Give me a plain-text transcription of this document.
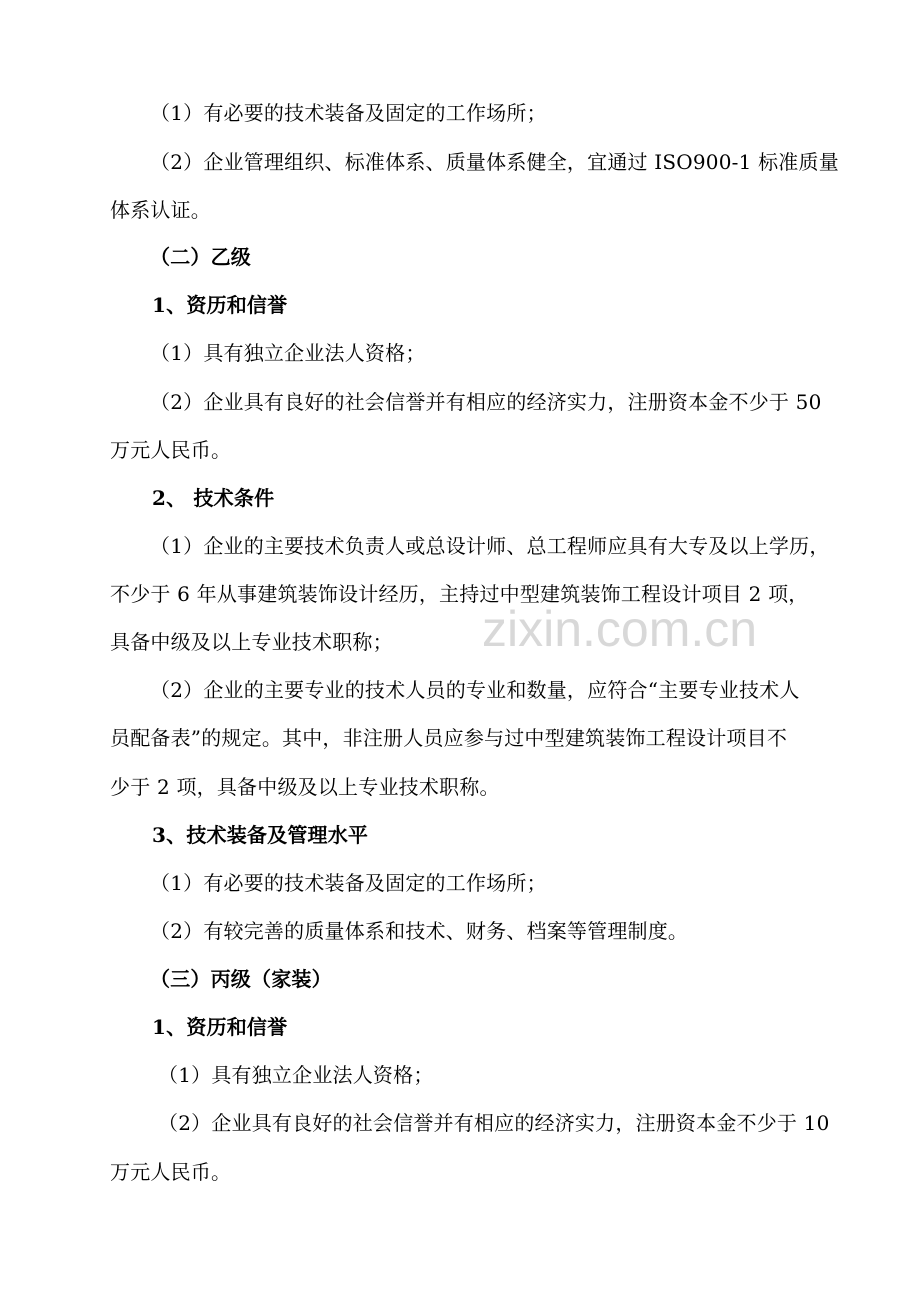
zixin.com.cn
（1）有必要的技术装备及固定的工作场所；
（2）企业管理组织、标准体系、质量体系健全，宜通过 ISO900-1 标准质量
体系认证。
（二）乙级
1、资历和信誉
（1）具有独立企业法人资格；
（2）企业具有良好的社会信誉并有相应的经济实力，注册资本金不少于 50
万元人民币。
2、 技术条件
（1）企业的主要技术负责人或总设计师、总工程师应具有大专及以上学历，
不少于 6 年从事建筑装饰设计经历，主持过中型建筑装饰工程设计项目 2 项，
具备中级及以上专业技术职称；
（2）企业的主要专业的技术人员的专业和数量，应符合“主要专业技术人
员配备表”的规定。其中，非注册人员应参与过中型建筑装饰工程设计项目不
少于 2 项，具备中级及以上专业技术职称。
3、技术装备及管理水平
（1）有必要的技术装备及固定的工作场所；
（2）有较完善的质量体系和技术、财务、档案等管理制度。
（三）丙级（家装）
1、资历和信誉
（1）具有独立企业法人资格；
（2）企业具有良好的社会信誉并有相应的经济实力，注册资本金不少于 10
万元人民币。
